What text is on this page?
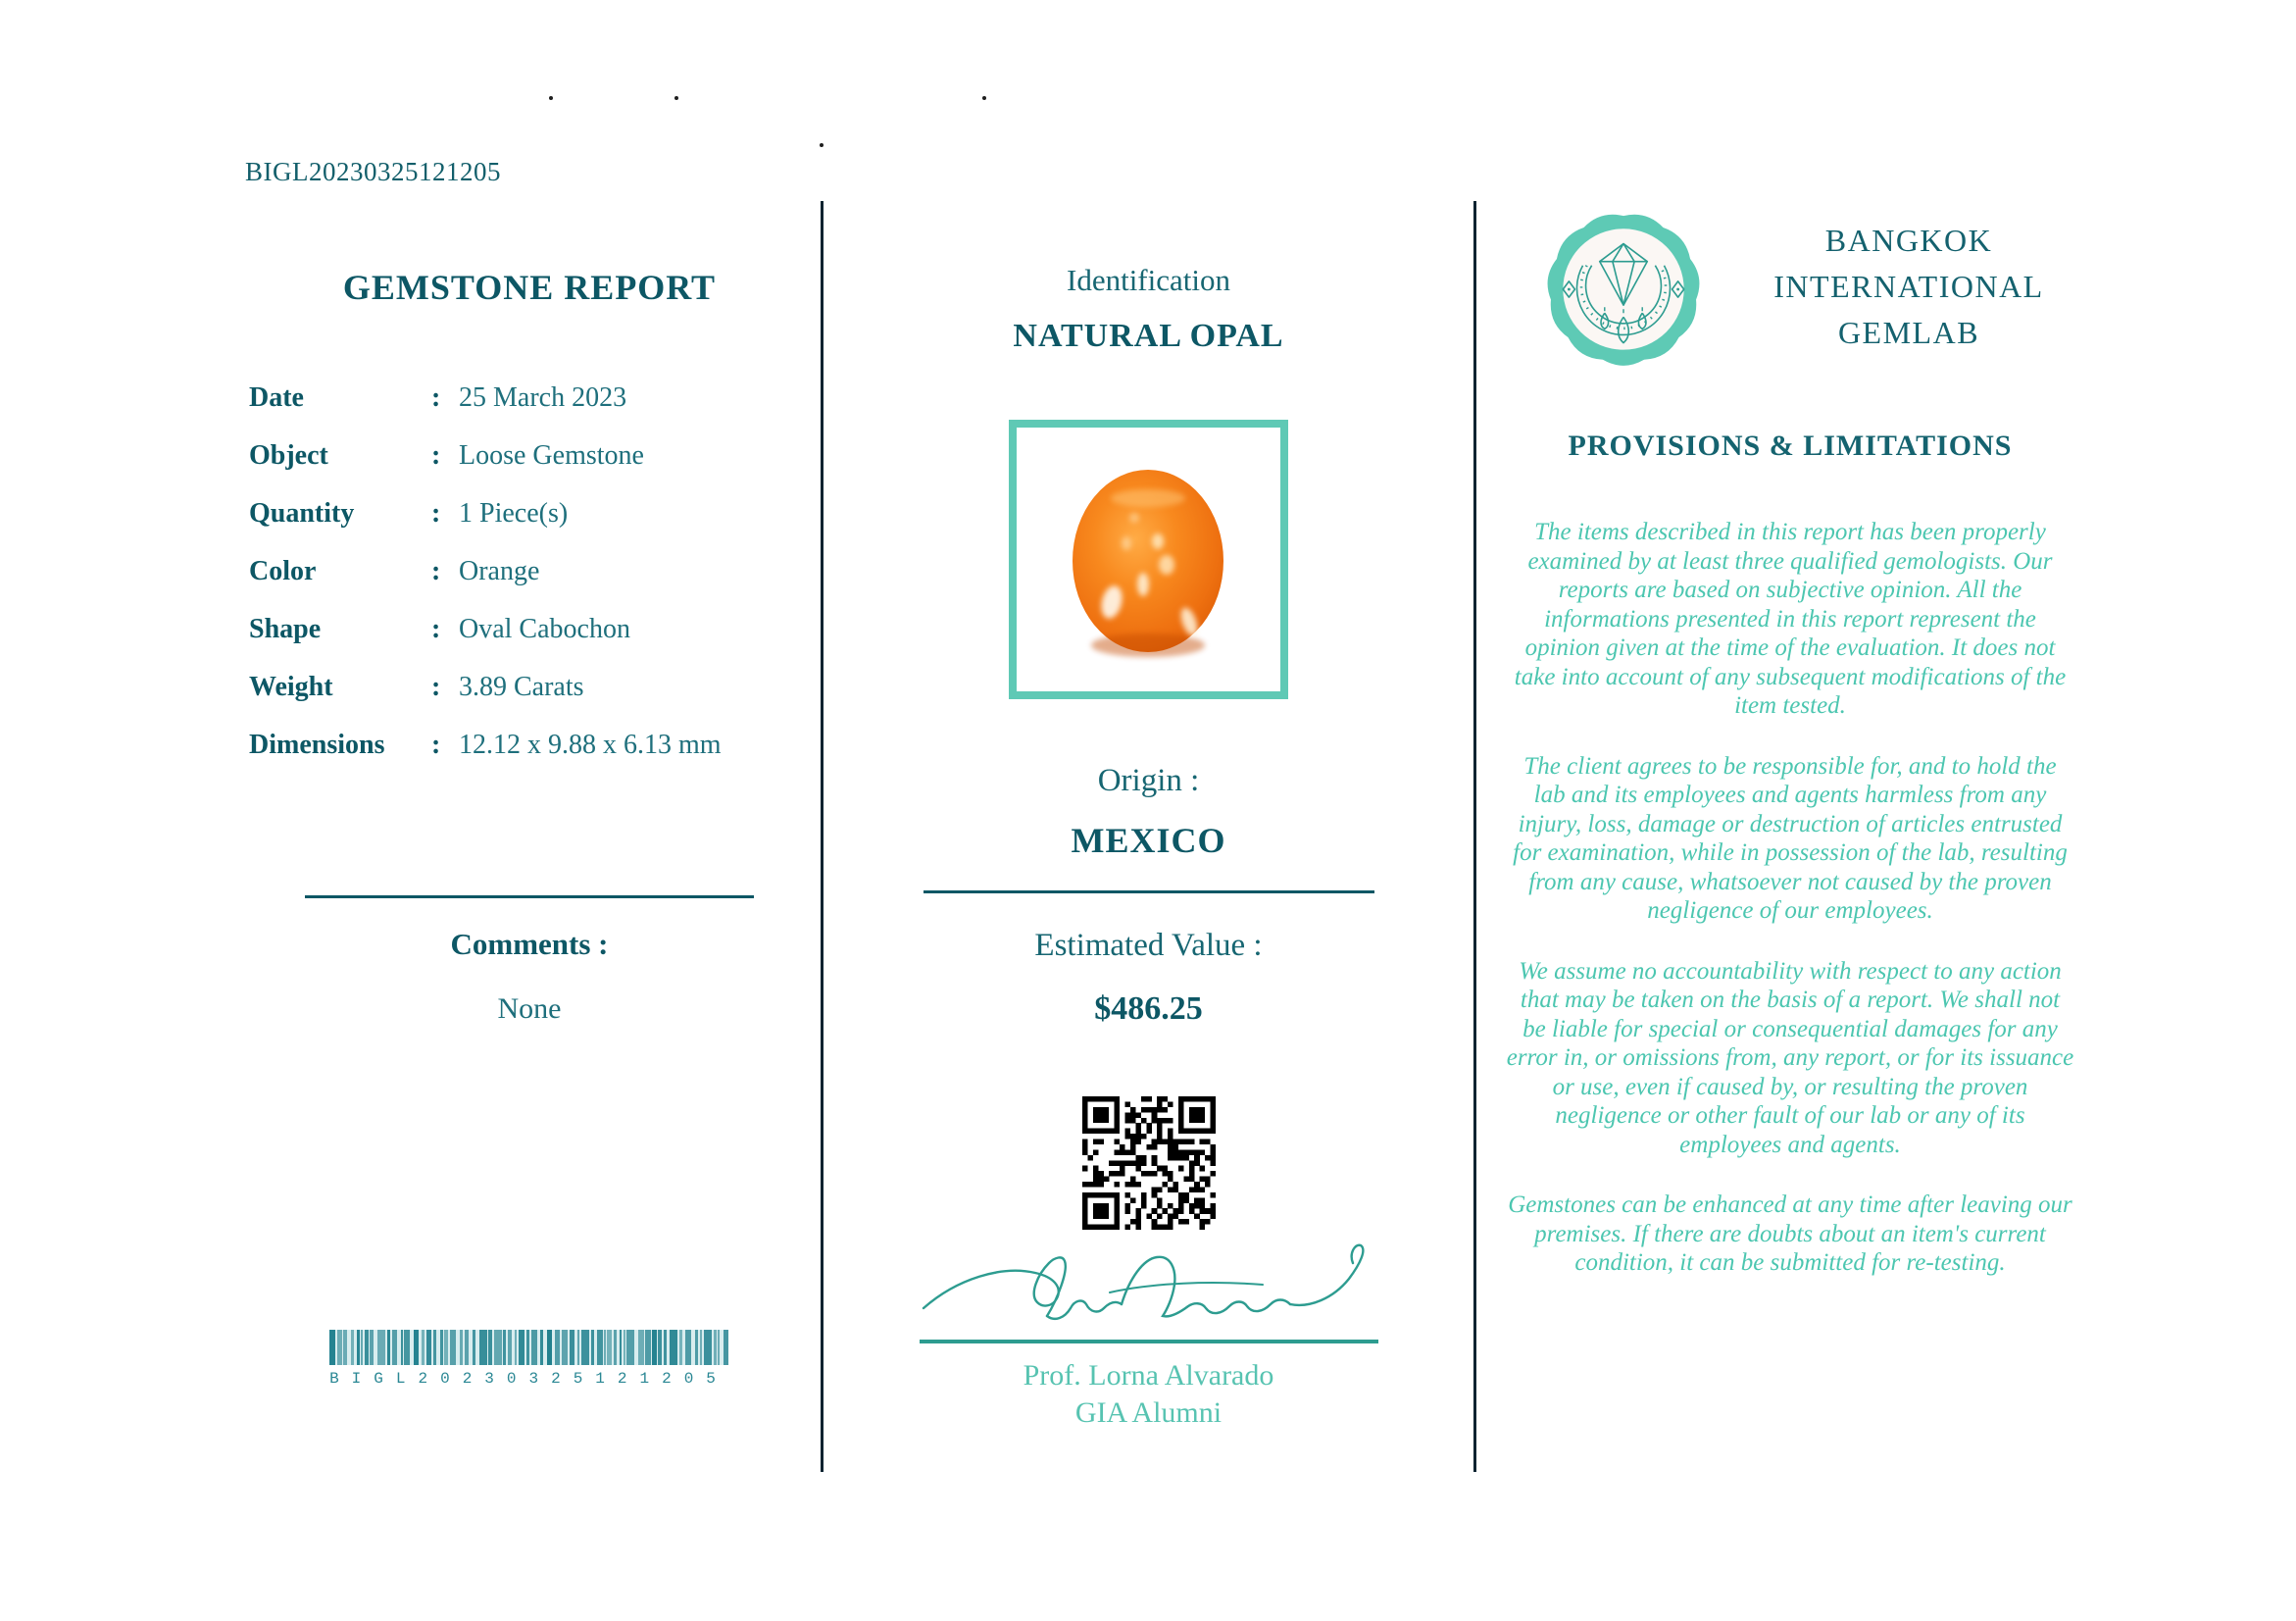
BIGL20230325121205
GEMSTONE REPORT
Date	: 25 March 2023
Object	: Loose Gemstone
Quantity	: 1 Piece(s)
Color	: Orange
Shape	: Oval Cabochon
Weight	: 3.89 Carats
Dimensions	: 12.12 x 9.88 x 6.13 mm
Comments :
None
BIGL20230325121205
Identification
NATURAL OPAL
Origin :
MEXICO
Estimated Value :
$486.25
Prof. Lorna Alvarado
GIA Alumni
BANGKOK
INTERNATIONAL
GEMLAB
PROVISIONS & LIMITATIONS

The items described in this report has been properly examined by at least three qualified gemologists. Our reports are based on subjective opinion. All the informations presented in this report represent the opinion given at the time of the evaluation. It does not take into account of any subsequent modifications of the item tested.

The client agrees to be responsible for, and to hold the lab and its employees and agents harmless from any injury, loss, damage or destruction of articles entrusted for examination, while in possession of the lab, resulting from any cause, whatsoever not caused by the proven negligence of our employees.

We assume no accountability with respect to any action that may be taken on the basis of a report. We shall not be liable for special or consequential damages for any error in, or omissions from, any report, or for its issuance or use, even if caused by, or resulting the proven negligence or other fault of our lab or any of its employees and agents.

Gemstones can be enhanced at any time after leaving our premises. If there are doubts about an item's current condition, it can be submitted for re-testing.
